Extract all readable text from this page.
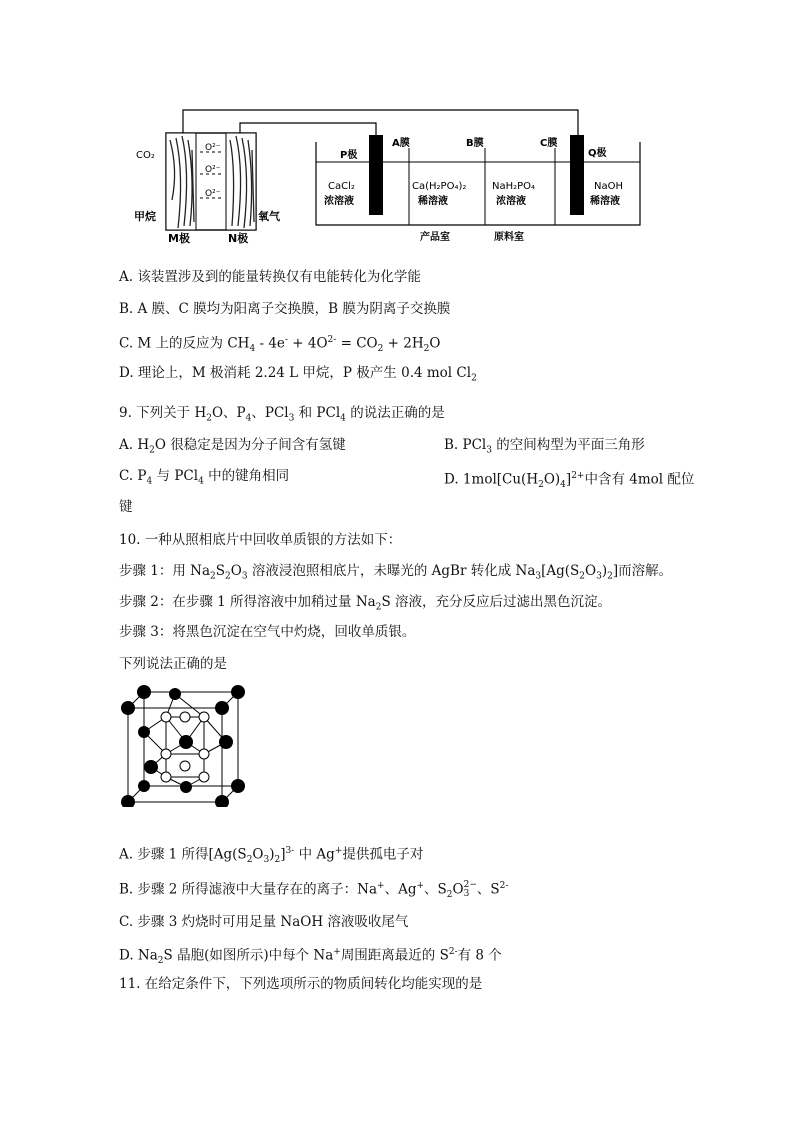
O²⁻
O²⁻
O²⁻
CO₂
甲烷	氧气
M极	N极
P极	Q极
A膜	B膜	C膜
CaCl₂
浓溶液
Ca(H₂PO₄)₂
稀溶液
NaH₂PO₄
浓溶液
NaOH
稀溶液
产品室	原料室
A. 该装置涉及到的能量转换仅有电能转化为化学能
B. A 膜、C 膜均为阳离子交换膜，B 膜为阴离子交换膜
C. M 上的反应为 $CH_4 - 4e^- + 4O^{2-} = CO_2 + 2H_2O$
D. 理论上，M 极消耗 2.24 L 甲烷，P 极产生 0.4 mol $Cl_2$
9. 下列关于 $H_2O$、$P_4$、PCl$_3$ 和 PCl$_4$ 的说法正确的是
A. $H_2O$ 很稳定是因为分子间含有氢键	B. PCl$_3$ 的空间构型为平面三角形
C. $P_4$ 与 PCl$_4$ 中的键角相同	D. $1mol[Cu(H_2O)_4]^{2+}$中含有 4mol 配位
键
10. 一种从照相底片中回收单质银的方法如下：
步骤 1：用 $Na_2S_2O_3$ 溶液浸泡照相底片，未曝光的 AgBr 转化成 $Na_3[Ag(S_2O_3)_2]$而溶解。
步骤 2：在步骤 1 所得溶液中加稍过量 $Na_2S$ 溶液，充分反应后过滤出黑色沉淀。
步骤 3：将黑色沉淀在空气中灼烧，回收单质银。
下列说法正确的是
A. 步骤 1 所得$[Ag(S_2O_3)_2]^{3-}$ 中 Ag+提供孤电子对
B. 步骤 2 所得滤液中大量存在的离子：Na+、Ag+、$S_2O$ 2−
3 、$S^{2-}$
C. 步骤 3 灼烧时可用足量 NaOH 溶液吸收尾气
D. $Na_2S$ 晶胞(如图所示)中每个 Na+周围距离最近的 $S^{2-}$有 8 个
11. 在给定条件下，下列选项所示的物质间转化均能实现的是
